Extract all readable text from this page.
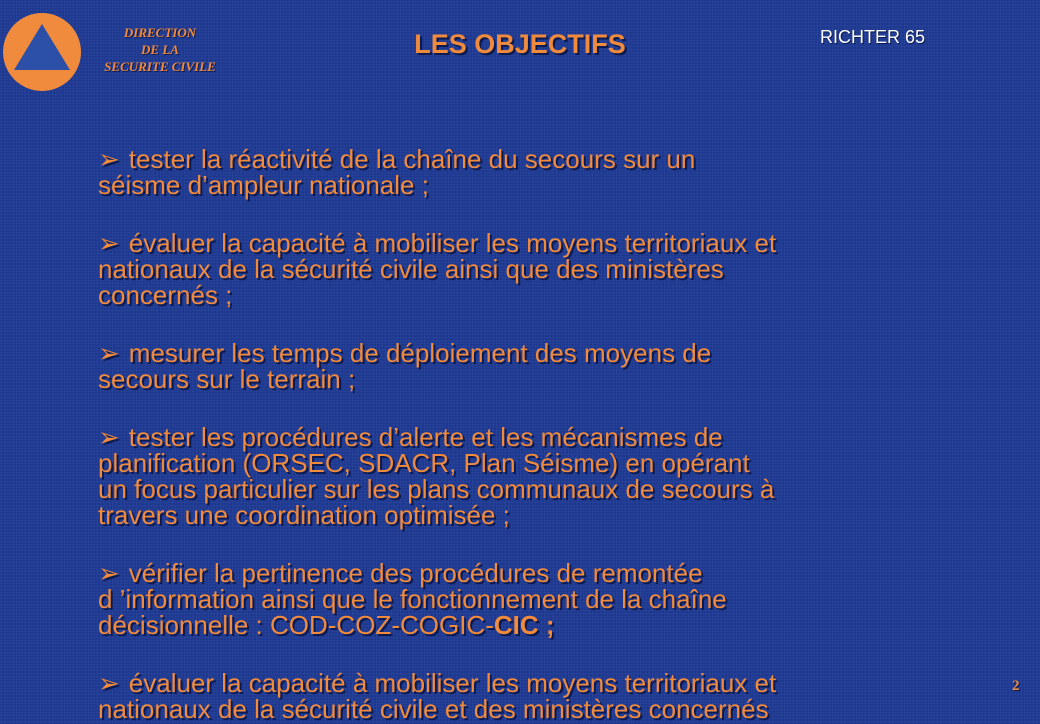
DIRECTION
DE LA
SECURITE CIVILE
LES OBJECTIFS	RICHTER 65
➢ tester la réactivité de la chaîne du secours sur un
séisme d’ampleur nationale ;
➢ évaluer la capacité à mobiliser les moyens territoriaux et
nationaux de la sécurité civile ainsi que des ministères
concernés ;
➢ mesurer les temps de déploiement des moyens de
secours sur le terrain ;
➢ tester les procédures d’alerte et les mécanismes de
planification (ORSEC, SDACR, Plan Séisme) en opérant
un focus particulier sur les plans communaux de secours à
travers une coordination optimisée ;
➢ vérifier la pertinence des procédures de remontée
d ’information ainsi que le fonctionnement de la chaîne
décisionnelle : COD-COZ-COGIC-CIC ;
➢ évaluer la capacité à mobiliser les moyens territoriaux et
nationaux de la sécurité civile et des ministères concernés
2
